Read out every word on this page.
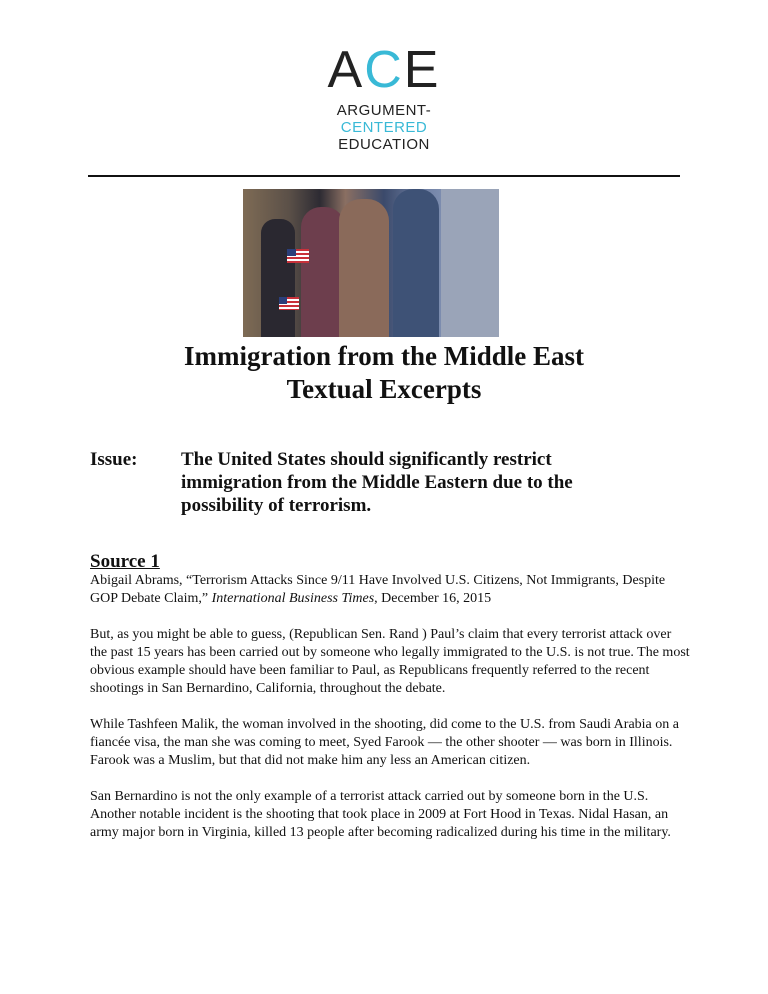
ACE
ARGUMENT-
CENTERED
EDUCATION
Immigration from the Middle East
Textual Excerpts
Issue: The United States should significantly restrict immigration from the Middle Eastern due to the possibility of terrorism.
Source 1

Abigail Abrams, “Terrorism Attacks Since 9/11 Have Involved U.S. Citizens, Not Immigrants, Despite GOP Debate Claim,” International Business Times, December 16, 2015

But, as you might be able to guess, (Republican Sen. Rand ) Paul’s claim that every terrorist attack over the past 15 years has been carried out by someone who legally immigrated to the U.S. is not true. The most obvious example should have been familiar to Paul, as Republicans frequently referred to the recent shootings in San Bernardino, California, throughout the debate.

While Tashfeen Malik, the woman involved in the shooting, did come to the U.S. from Saudi Arabia on a fiancée visa, the man she was coming to meet, Syed Farook — the other shooter — was born in Illinois. Farook was a Muslim, but that did not make him any less an American citizen.

San Bernardino is not the only example of a terrorist attack carried out by someone born in the U.S. Another notable incident is the shooting that took place in 2009 at Fort Hood in Texas. Nidal Hasan, an army major born in Virginia, killed 13 people after becoming radicalized during his time in the military.
